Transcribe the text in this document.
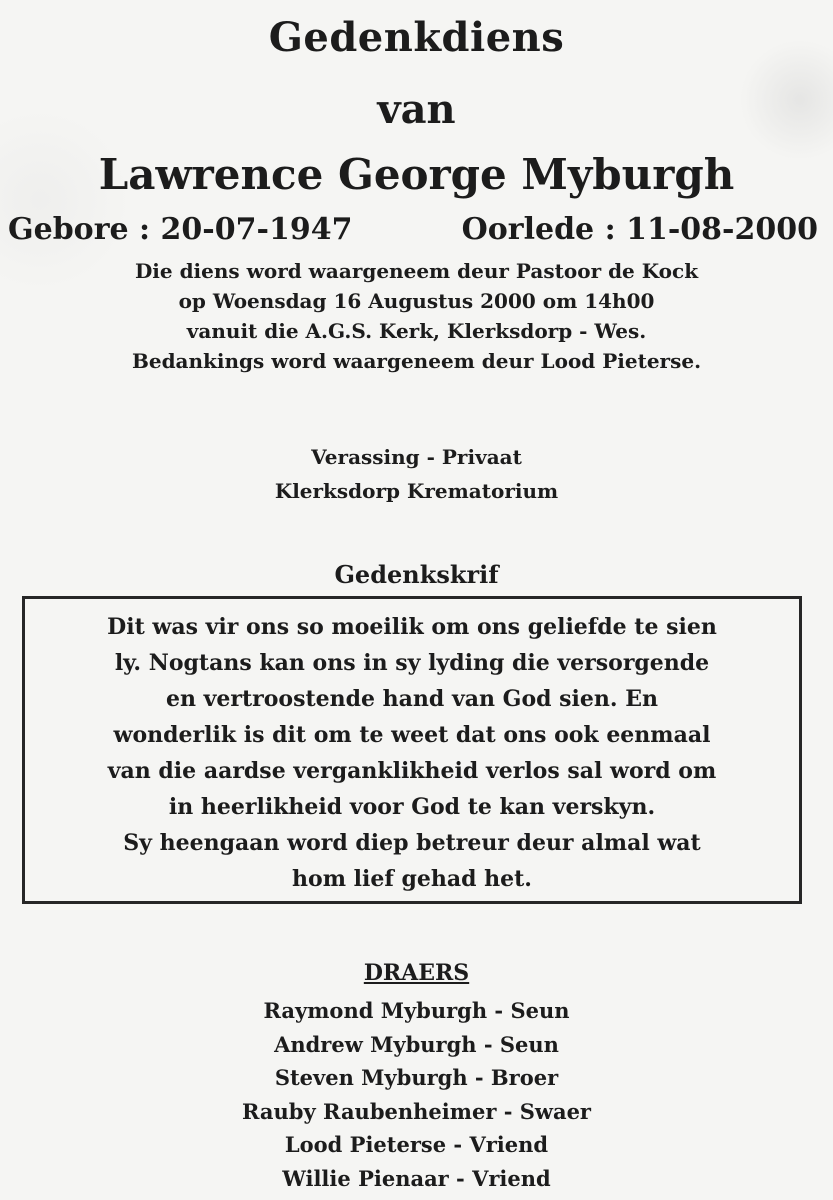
Gedenkdiens
van
Lawrence George Myburgh
Gebore : 20-07-1947	Oorlede : 11-08-2000
Die diens word waargeneem deur Pastoor de Kock
op Woensdag 16 Augustus 2000 om 14h00
vanuit die A.G.S. Kerk, Klerksdorp - Wes.
Bedankings word waargeneem deur Lood Pieterse.
Verassing - Privaat
Klerksdorp Krematorium
Gedenkskrif
Dit was vir ons so moeilik om ons geliefde te sien
ly. Nogtans kan ons in sy lyding die versorgende
en vertroostende hand van God sien. En
wonderlik is dit om te weet dat ons ook eenmaal
van die aardse verganklikheid verlos sal word om
in heerlikheid voor God te kan verskyn.
Sy heengaan word diep betreur deur almal wat
hom lief gehad het.
DRAERS
Raymond Myburgh - Seun
Andrew Myburgh - Seun
Steven Myburgh - Broer
Rauby Raubenheimer - Swaer
Lood Pieterse - Vriend
Willie Pienaar - Vriend
